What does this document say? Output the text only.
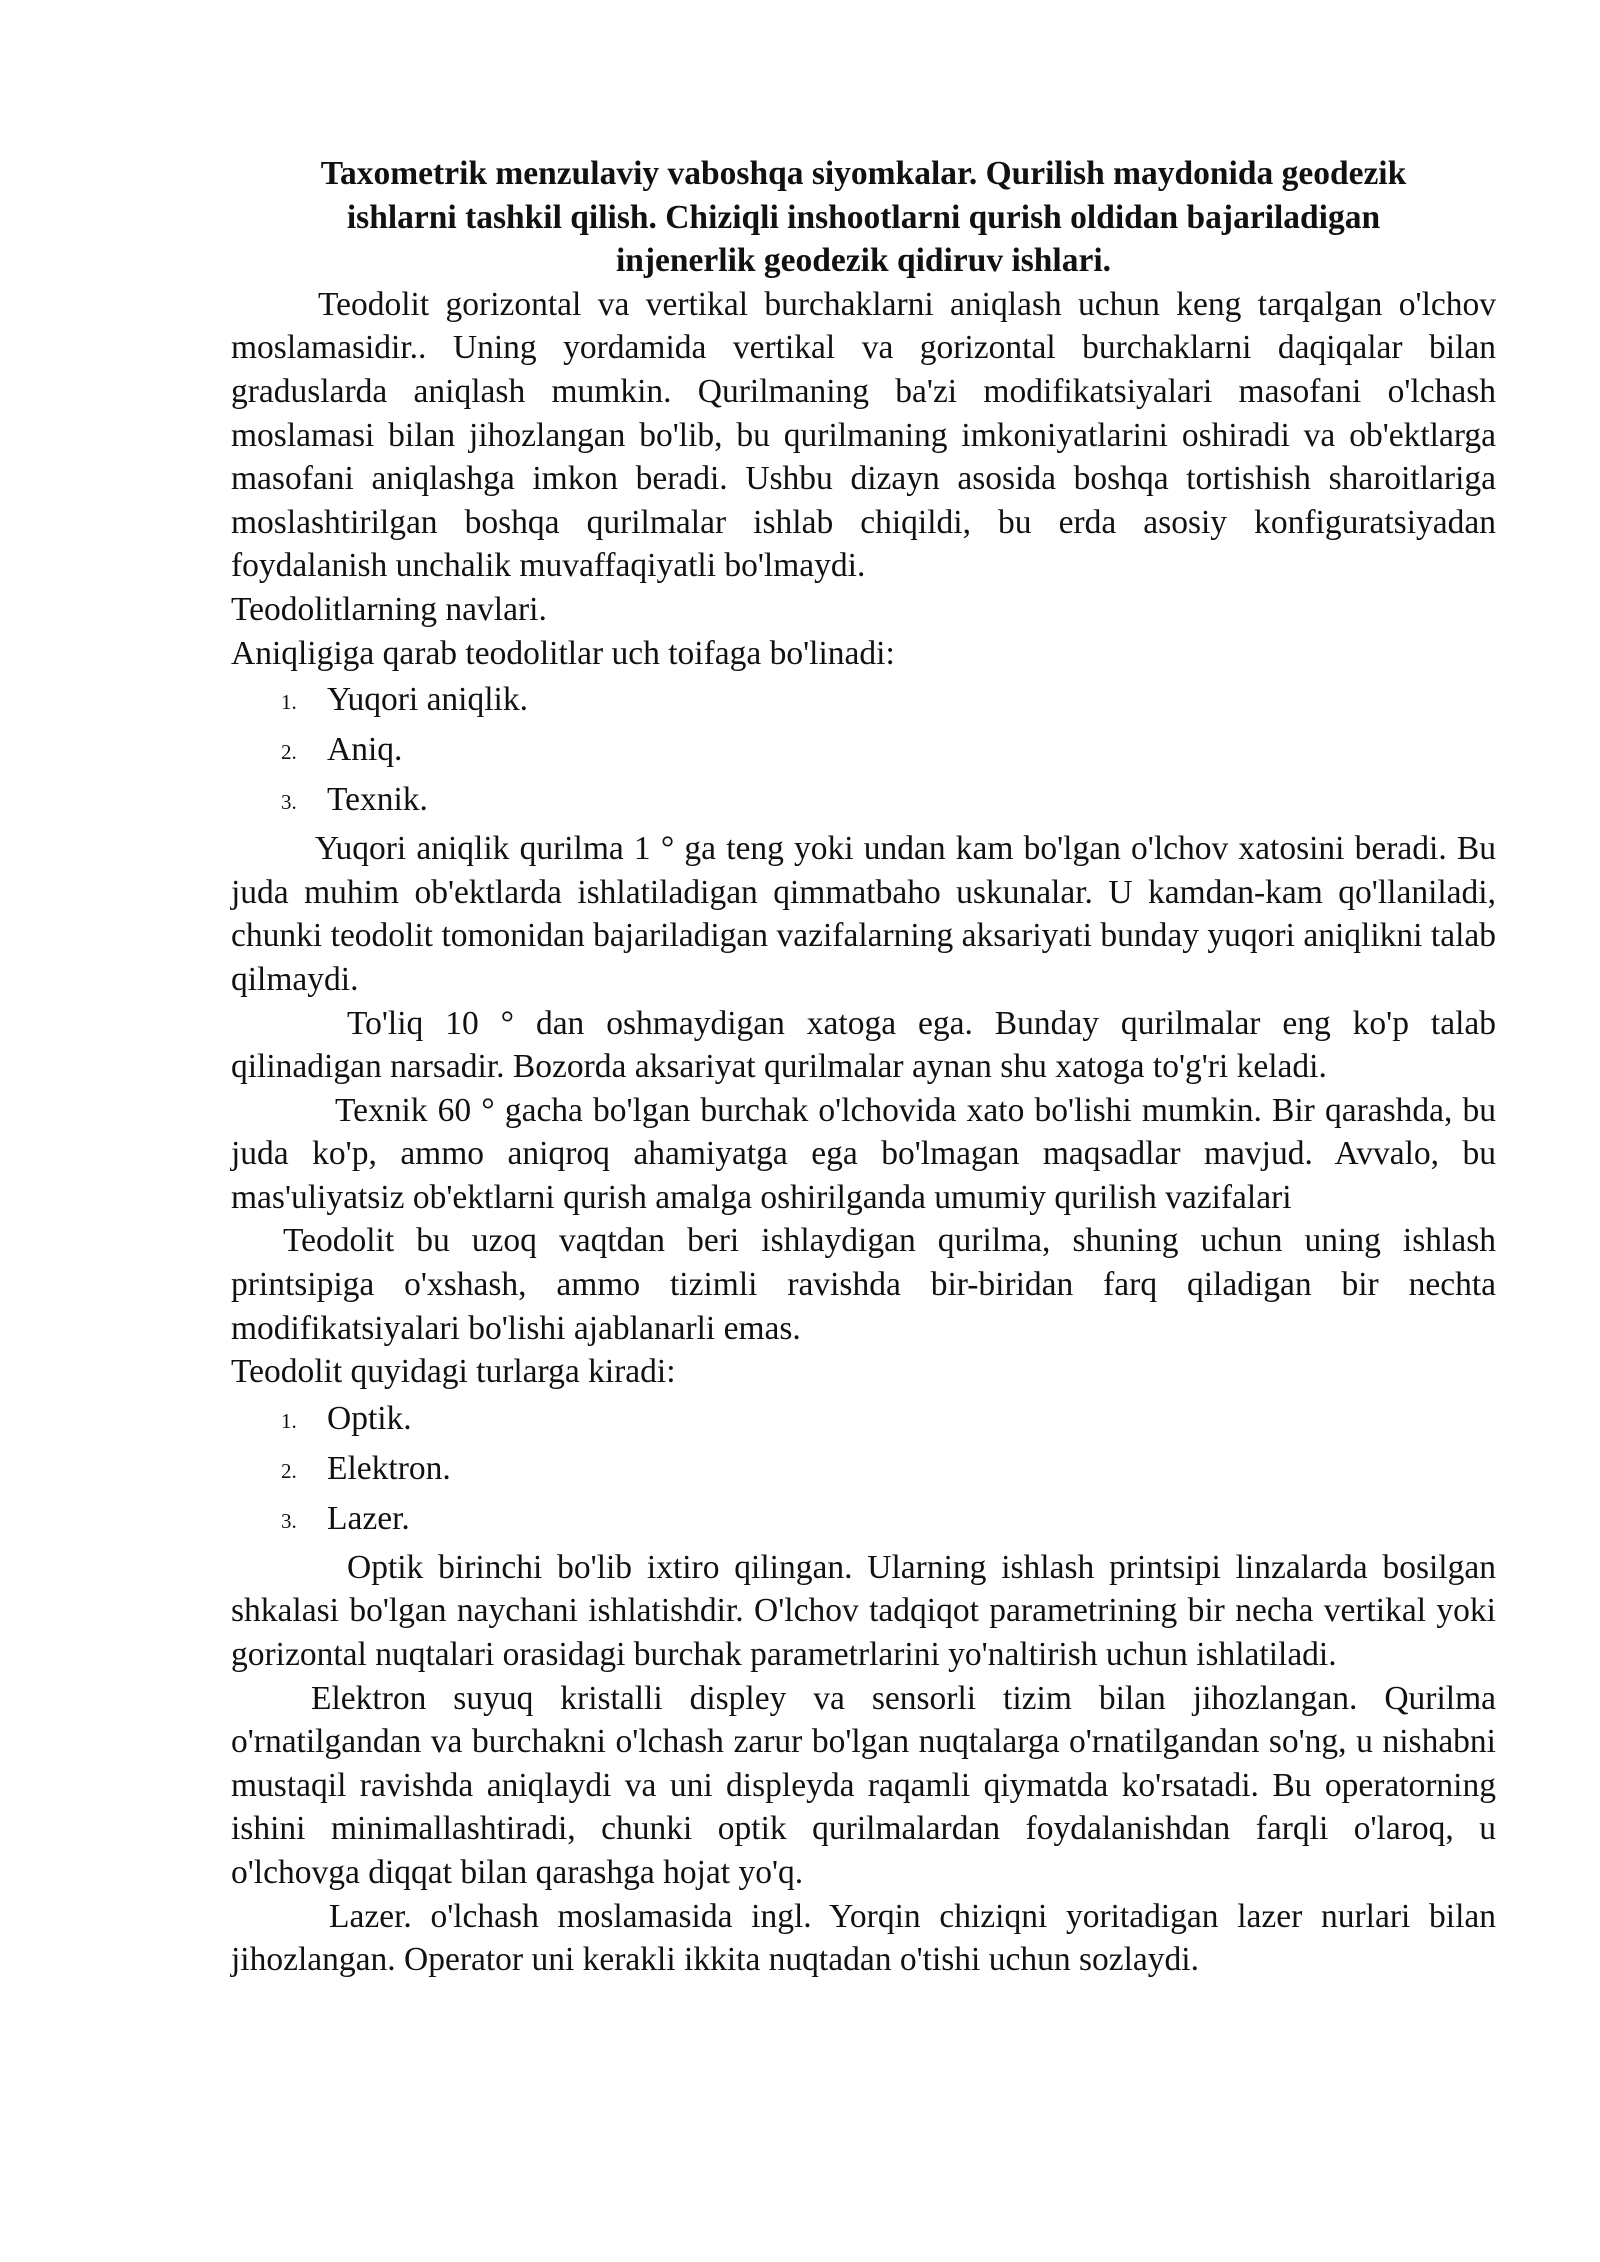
Taxometrik menzulaviy vaboshqa siyomkalar. Qurilish maydonida geodezik
ishlarni tashkil qilish. Chiziqli inshootlarni qurish oldidan bajariladigan
injenerlik geodezik qidiruv ishlari.

Teodolit gorizontal va vertikal burchaklarni aniqlash uchun keng tarqalgan o'lchov moslamasidir.. Uning yordamida vertikal va gorizontal burchaklarni daqiqalar bilan graduslarda aniqlash mumkin. Qurilmaning ba'zi modifikatsiyalari masofani o'lchash moslamasi bilan jihozlangan bo'lib, bu qurilmaning imkoniyatlarini oshiradi va ob'ektlarga masofani aniqlashga imkon beradi. Ushbu dizayn asosida boshqa tortishish sharoitlariga moslashtirilgan boshqa qurilmalar ishlab chiqildi, bu erda asosiy konfiguratsiyadan foydalanish unchalik muvaffaqiyatli bo'lmaydi.

Teodolitlarning navlari.

Aniqligiga qarab teodolitlar uch toifaga bo'linadi:

1. Yuqori aniqlik.
2. Aniq.
3. Texnik.

Yuqori aniqlik qurilma 1 ° ga teng yoki undan kam bo'lgan o'lchov xatosini beradi. Bu juda muhim ob'ektlarda ishlatiladigan qimmatbaho uskunalar. U kamdan-kam qo'llaniladi, chunki teodolit tomonidan bajariladigan vazifalarning aksariyati bunday yuqori aniqlikni talab qilmaydi.

To'liq 10 ° dan oshmaydigan xatoga ega. Bunday qurilmalar eng ko'p talab qilinadigan narsadir. Bozorda aksariyat qurilmalar aynan shu xatoga to'g'ri keladi.

Texnik 60 ° gacha bo'lgan burchak o'lchovida xato bo'lishi mumkin. Bir qarashda, bu juda ko'p, ammo aniqroq ahamiyatga ega bo'lmagan maqsadlar mavjud. Avvalo, bu mas'uliyatsiz ob'ektlarni qurish amalga oshirilganda umumiy qurilish vazifalari

Teodolit bu uzoq vaqtdan beri ishlaydigan qurilma, shuning uchun uning ishlash printsipiga o'xshash, ammo tizimli ravishda bir-biridan farq qiladigan bir nechta modifikatsiyalari bo'lishi ajablanarli emas.

Teodolit quyidagi turlarga kiradi:

1. Optik.
2. Elektron.
3. Lazer.

Optik birinchi bo'lib ixtiro qilingan. Ularning ishlash printsipi linzalarda bosilgan shkalasi bo'lgan naychani ishlatishdir. O'lchov tadqiqot parametrining bir necha vertikal yoki gorizontal nuqtalari orasidagi burchak parametrlarini yo'naltirish uchun ishlatiladi.

Elektron suyuq kristalli displey va sensorli tizim bilan jihozlangan. Qurilma o'rnatilgandan va burchakni o'lchash zarur bo'lgan nuqtalarga o'rnatilgandan so'ng, u nishabni mustaqil ravishda aniqlaydi va uni displeyda raqamli qiymatda ko'rsatadi. Bu operatorning ishini minimallashtiradi, chunki optik qurilmalardan foydalanishdan farqli o'laroq, u o'lchovga diqqat bilan qarashga hojat yo'q.

Lazer. o'lchash moslamasida ingl. Yorqin chiziqni yoritadigan lazer nurlari bilan jihozlangan. Operator uni kerakli ikkita nuqtadan o'tishi uchun sozlaydi.
